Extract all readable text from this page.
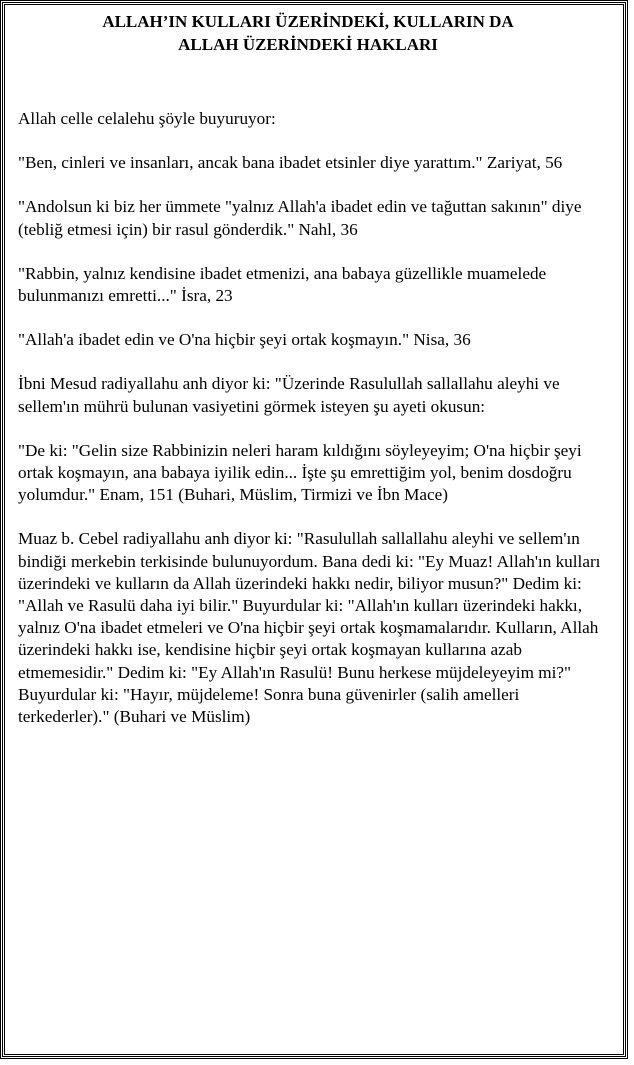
ALLAH’IN KULLARI ÜZERİNDEKİ, KULLARIN DA
ALLAH ÜZERİNDEKİ HAKLARI

Allah celle celalehu şöyle buyuruyor:

"Ben, cinleri ve insanları, ancak bana ibadet etsinler diye yarattım." Zariyat, 56

"Andolsun ki biz her ümmete "yalnız Allah'a ibadet edin ve tağuttan sakının" diye (tebliğ etmesi için) bir rasul gönderdik." Nahl, 36

"Rabbin, yalnız kendisine ibadet etmenizi, ana babaya güzellikle muamelede bulunmanızı emretti..." İsra, 23

"Allah'a ibadet edin ve O'na hiçbir şeyi ortak koşmayın." Nisa, 36

İbni Mesud radiyallahu anh diyor ki: "Üzerinde Rasulullah sallallahu aleyhi ve sellem'ın mührü bulunan vasiyetini görmek isteyen şu ayeti okusun:

"De ki: "Gelin size Rabbinizin neleri haram kıldığını söyleyeyim; O'na hiçbir şeyi ortak koşmayın, ana babaya iyilik edin... İşte şu emrettiğim yol, benim dosdoğru yolumdur." Enam, 151 (Buhari, Müslim, Tirmizi ve İbn Mace)

Muaz b. Cebel radiyallahu anh diyor ki: "Rasulullah sallallahu aleyhi ve sellem'ın bindiği merkebin terkisinde bulunuyordum. Bana dedi ki: "Ey Muaz! Allah'ın kulları üzerindeki ve kulların da Allah üzerindeki hakkı nedir, biliyor musun?" Dedim ki: "Allah ve Rasulü daha iyi bilir." Buyurdular ki: "Allah'ın kulları üzerindeki hakkı, yalnız O'na ibadet etmeleri ve O'na hiçbir şeyi ortak koşmamalarıdır. Kulların, Allah üzerindeki hakkı ise, kendisine hiçbir şeyi ortak koşmayan kullarına azab etmemesidir." Dedim ki: "Ey Allah'ın Rasulü! Bunu herkese müjdeleyeyim mi?" Buyurdular ki: "Hayır, müjdeleme! Sonra buna güvenirler (salih amelleri terkederler)." (Buhari ve Müslim)
